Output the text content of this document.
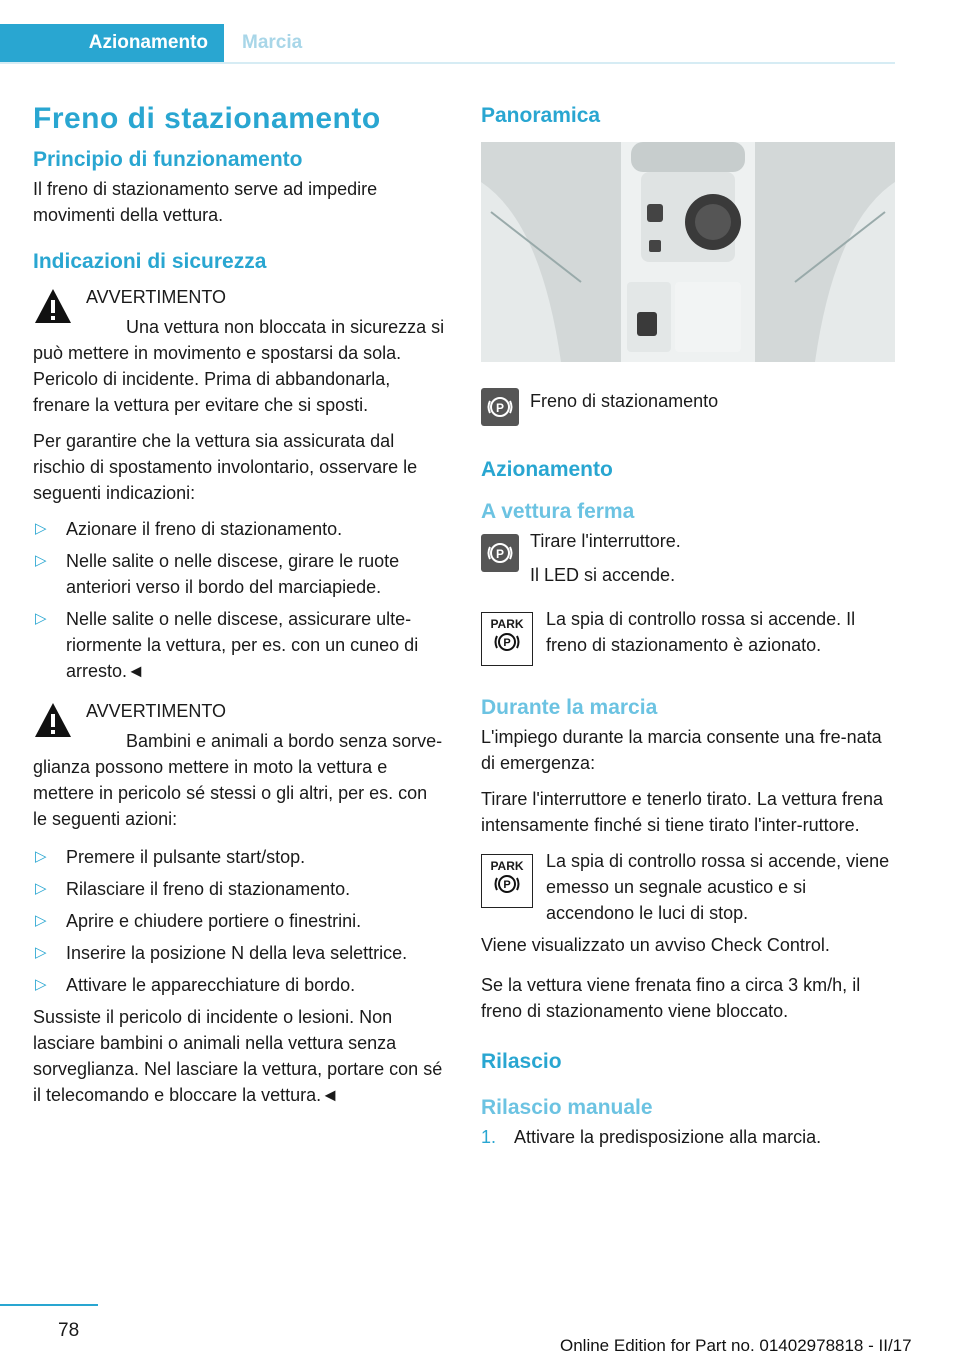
Azionamento	Marcia
Freno di stazionamento
Principio di funzionamento

Il freno di stazionamento serve ad impedire movimenti della vettura.

Indicazioni di sicurezza
AVVERTIMENTO

Una vettura non bloccata in sicurezza si
può mettere in movimento e spostarsi da sola. Pericolo di incidente. Prima di abbandonarla, frenare la vettura per evitare che si sposti.

Per garantire che la vettura sia assicurata dal rischio di spostamento involontario, osservare le seguenti indicazioni:

▷ Azionare il freno di stazionamento.
▷ Nelle salite o nelle discese, girare le ruote anteriori verso il bordo del marciapiede.
▷ Nelle salite o nelle discese, assicurare ulte-riormente la vettura, per es. con un cuneo di arresto.◄
AVVERTIMENTO

Bambini e animali a bordo senza sorve-
glianza possono mettere in moto la vettura e mettere in pericolo sé stessi o gli altri, per es. con le seguenti azioni:

▷ Premere il pulsante start/stop.
▷ Rilasciare il freno di stazionamento.
▷ Aprire e chiudere portiere o finestrini.
▷ Inserire la posizione N della leva selettrice.
▷ Attivare le apparecchiature di bordo.

Sussiste il pericolo di incidente o lesioni. Non lasciare bambini o animali nella vettura senza sorveglianza. Nel lasciare la vettura, portare con sé il telecomando e bloccare la vettura.◄

Panoramica
P Freno di stazionamento
Azionamento
A vettura ferma
P
Tirare l'interruttore.
Il LED si accende.
PARK
P
La spia di controllo rossa si accende. Il freno di stazionamento è azionato.
Durante la marcia

L'impiego durante la marcia consente una fre-nata di emergenza:

Tirare l'interruttore e tenerlo tirato. La vettura frena intensamente finché si tiene tirato l'inter-ruttore.

PARK
P
La spia di controllo rossa si accende, viene emesso un segnale acustico e si accendono le luci di stop.

Viene visualizzato un avviso Check Control.

Se la vettura viene frenata fino a circa 3 km/h, il freno di stazionamento viene bloccato.

Rilascio
Rilascio manuale
1. Attivare la predisposizione alla marcia.
78
Online Edition for Part no. 01402978818 - II/17
